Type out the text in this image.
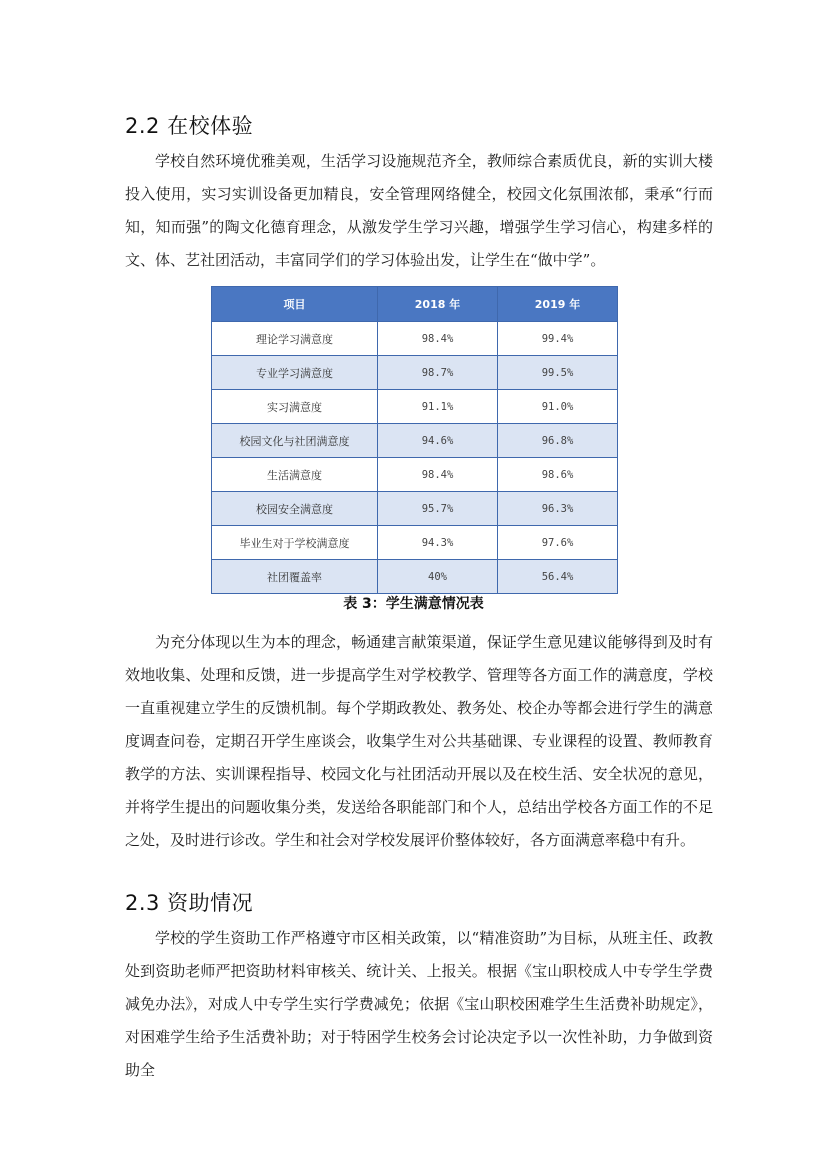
2.2 在校体验

学校自然环境优雅美观，生活学习设施规范齐全，教师综合素质优良，新的实训大楼投入使用，实习实训设备更加精良，安全管理网络健全，校园文化氛围浓郁，秉承“行而知，知而强”的陶文化德育理念，从激发学生学习兴趣，增强学生学习信心，构建多样的文、体、艺社团活动，丰富同学们的学习体验出发，让学生在“做中学”。

项目	2018 年	2019 年
理论学习满意度	98.4%	99.4%
专业学习满意度	98.7%	99.5%
实习满意度	91.1%	91.0%
校园文化与社团满意度	94.6%	96.8%
生活满意度	98.4%	98.6%
校园安全满意度	95.7%	96.3%
毕业生对于学校满意度	94.3%	97.6%
社团覆盖率	40%	56.4%
表 3：学生满意情况表

为充分体现以生为本的理念，畅通建言献策渠道，保证学生意见建议能够得到及时有效地收集、处理和反馈，进一步提高学生对学校教学、管理等各方面工作的满意度，学校一直重视建立学生的反馈机制。每个学期政教处、教务处、校企办等都会进行学生的满意度调查问卷，定期召开学生座谈会，收集学生对公共基础课、专业课程的设置、教师教育教学的方法、实训课程指导、校园文化与社团活动开展以及在校生活、安全状况的意见，并将学生提出的问题收集分类，发送给各职能部门和个人，总结出学校各方面工作的不足之处，及时进行诊改。学生和社会对学校发展评价整体较好，各方面满意率稳中有升。

2.3 资助情况

学校的学生资助工作严格遵守市区相关政策，以“精准资助”为目标，从班主任、政教处到资助老师严把资助材料审核关、统计关、上报关。根据《宝山职校成人中专学生学费减免办法》，对成人中专学生实行学费减免；依据《宝山职校困难学生生活费补助规定》，对困难学生给予生活费补助；对于特困学生校务会讨论决定予以一次性补助，力争做到资助全
